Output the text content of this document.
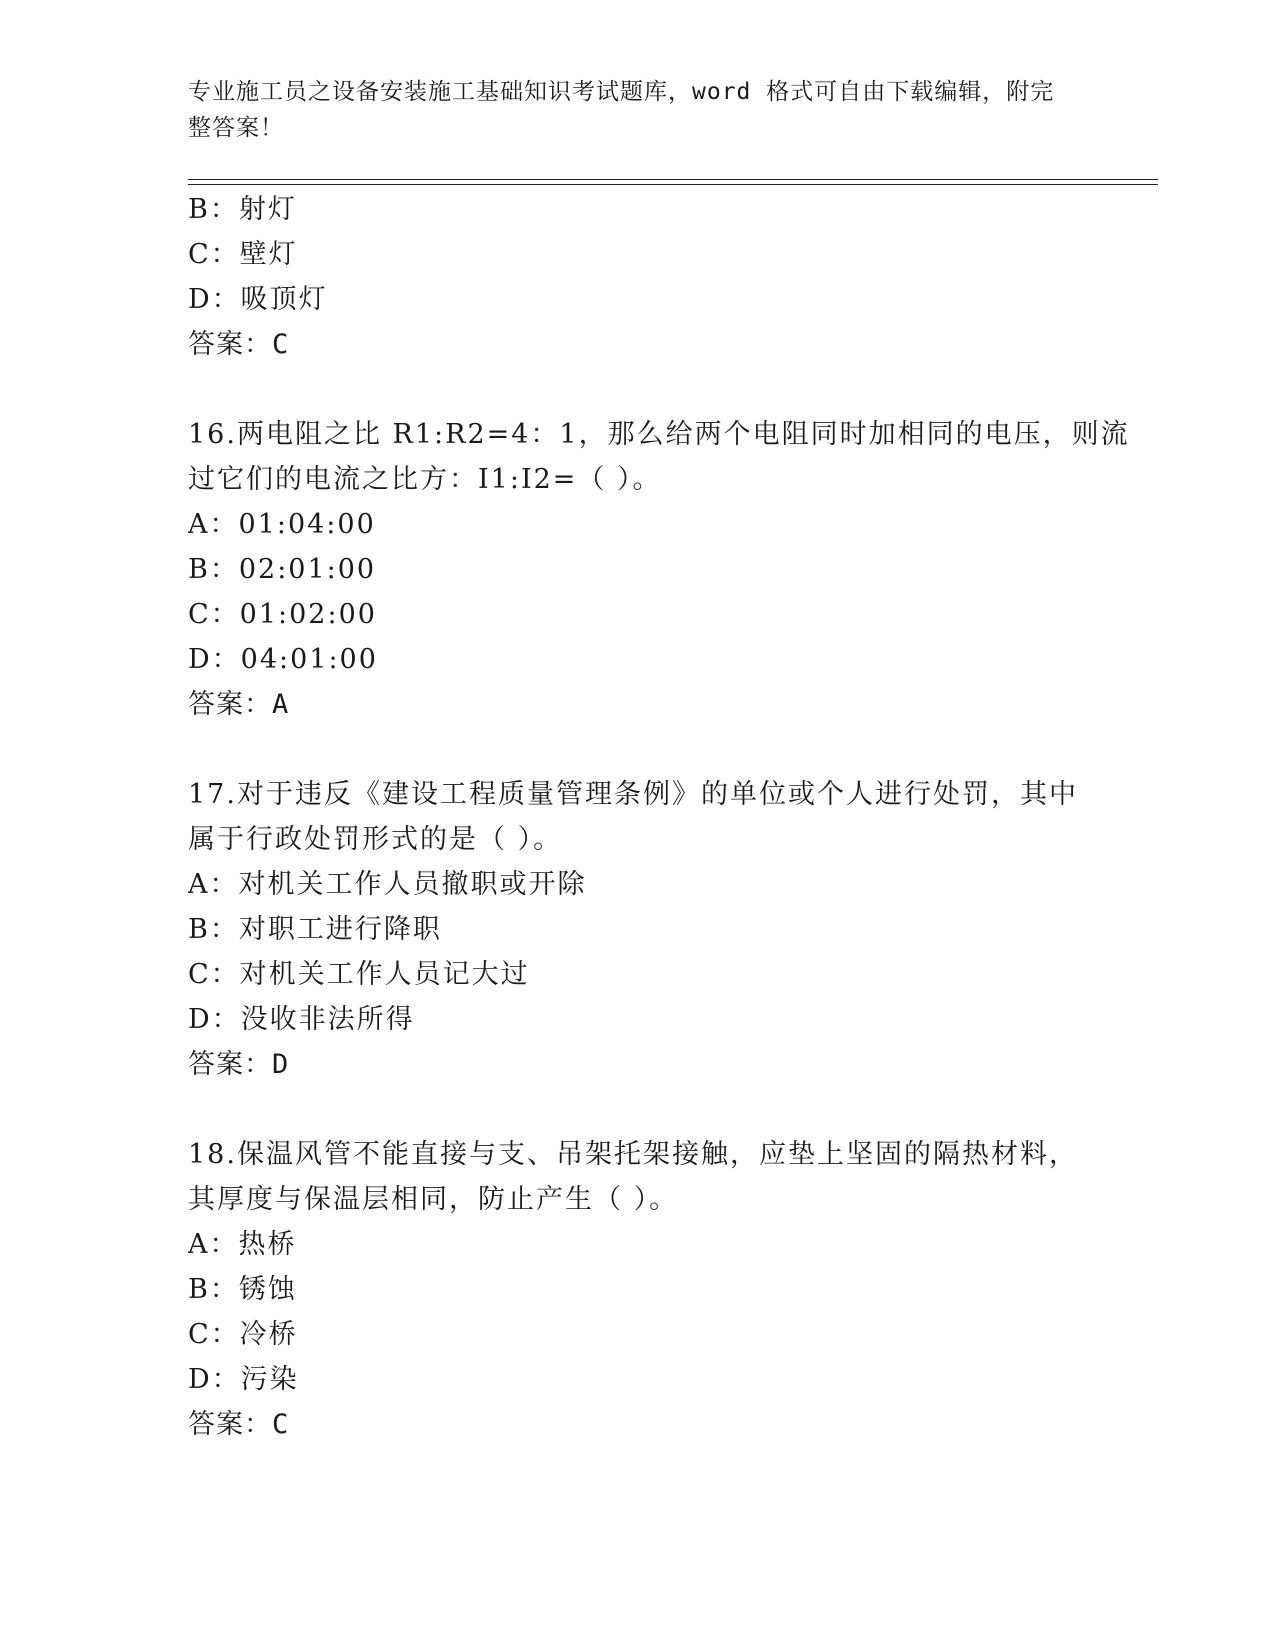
专业施工员之设备安装施工基础知识考试题库，word 格式可自由下载编辑，附完
整答案！
B：射灯
C：壁灯
D：吸顶灯
答案：C
16.两电阻之比 R1:R2=4：1，那么给两个电阻同时加相同的电压，则流
过它们的电流之比方：I1:I2=（ ）。
A：01:04:00
B：02:01:00
C：01:02:00
D：04:01:00
答案：A
17.对于违反《建设工程质量管理条例》的单位或个人进行处罚，其中
属于行政处罚形式的是（ ）。
A：对机关工作人员撤职或开除
B：对职工进行降职
C：对机关工作人员记大过
D：没收非法所得
答案：D
18.保温风管不能直接与支、吊架托架接触，应垫上坚固的隔热材料，
其厚度与保温层相同，防止产生（ ）。
A：热桥
B：锈蚀
C：冷桥
D：污染
答案：C
